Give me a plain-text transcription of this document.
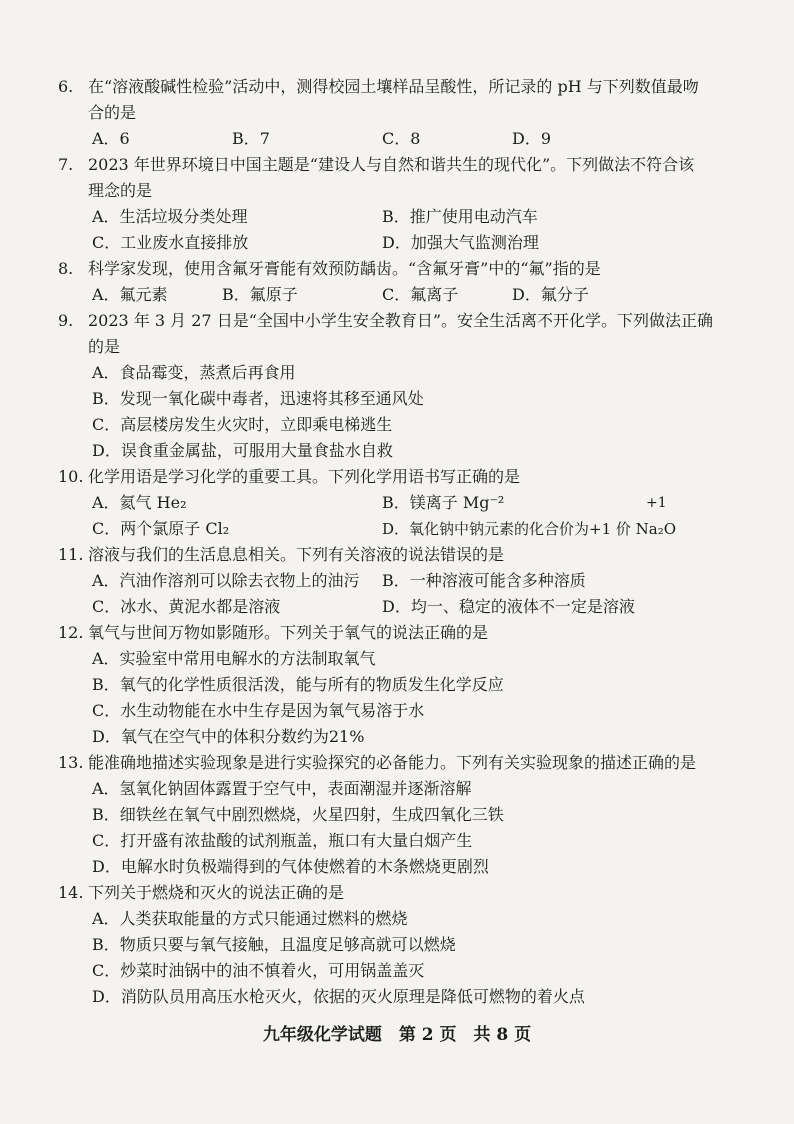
6. 在“溶液酸碱性检验”活动中，测得校园土壤样品呈酸性，所记录的 pH 与下列数值最吻
合的是
A．6	B．7	C．8	D．9
7. 2023 年世界环境日中国主题是“建设人与自然和谐共生的现代化”。下列做法不符合该
理念的是
A．生活垃圾分类处理	B．推广使用电动汽车
C．工业废水直接排放	D．加强大气监测治理
8. 科学家发现，使用含氟牙膏能有效预防龋齿。“含氟牙膏”中的“氟”指的是
A．氟元素	B．氟原子	C．氟离子	D．氟分子
9. 2023 年 3 月 27 日是“全国中小学生安全教育日”。安全生活离不开化学。下列做法正确
的是
A．食品霉变，蒸煮后再食用
B．发现一氧化碳中毒者，迅速将其移至通风处
C．高层楼房发生火灾时，立即乘电梯逃生
D．误食重金属盐，可服用大量食盐水自救
10. 化学用语是学习化学的重要工具。下列化学用语书写正确的是
A．氦气 He₂	B．镁离子 Mg⁻²	+1
C．两个氯原子 Cl₂	D．氧化钠中钠元素的化合价为+1 价 Na₂O
11. 溶液与我们的生活息息相关。下列有关溶液的说法错误的是
A．汽油作溶剂可以除去衣物上的油污 B．一种溶液可能含多种溶质
C．冰水、黄泥水都是溶液	D．均一、稳定的液体不一定是溶液
12. 氧气与世间万物如影随形。下列关于氧气的说法正确的是
A．实验室中常用电解水的方法制取氧气
B．氧气的化学性质很活泼，能与所有的物质发生化学反应
C．水生动物能在水中生存是因为氧气易溶于水
D．氧气在空气中的体积分数约为21%
13. 能准确地描述实验现象是进行实验探究的必备能力。下列有关实验现象的描述正确的是
A．氢氧化钠固体露置于空气中，表面潮湿并逐渐溶解
B．细铁丝在氧气中剧烈燃烧，火星四射，生成四氧化三铁
C．打开盛有浓盐酸的试剂瓶盖，瓶口有大量白烟产生
D．电解水时负极端得到的气体使燃着的木条燃烧更剧烈
14. 下列关于燃烧和灭火的说法正确的是
A．人类获取能量的方式只能通过燃料的燃烧
B．物质只要与氧气接触，且温度足够高就可以燃烧
C．炒菜时油锅中的油不慎着火，可用锅盖盖灭
D．消防队员用高压水枪灭火，依据的灭火原理是降低可燃物的着火点
九年级化学试题　第 2 页　共 8 页
